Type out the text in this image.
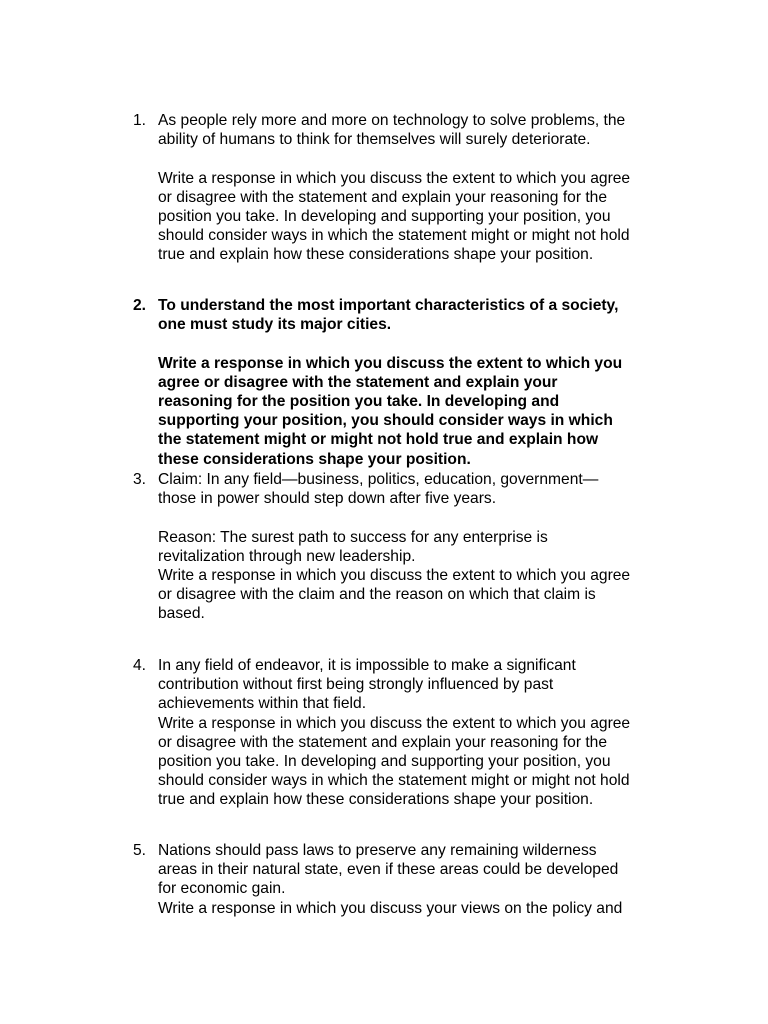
1. As people rely more and more on technology to solve problems, the
ability of humans to think for themselves will surely deteriorate.
Write a response in which you discuss the extent to which you agree
or disagree with the statement and explain your reasoning for the
position you take. In developing and supporting your position, you
should consider ways in which the statement might or might not hold
true and explain how these considerations shape your position.
2. To understand the most important characteristics of a society,
one must study its major cities.
Write a response in which you discuss the extent to which you
agree or disagree with the statement and explain your
reasoning for the position you take. In developing and
supporting your position, you should consider ways in which
the statement might or might not hold true and explain how
these considerations shape your position.
3. Claim: In any field—business, politics, education, government—
those in power should step down after five years.
Reason: The surest path to success for any enterprise is
revitalization through new leadership.
Write a response in which you discuss the extent to which you agree
or disagree with the claim and the reason on which that claim is
based.
4. In any field of endeavor, it is impossible to make a significant
contribution without first being strongly influenced by past
achievements within that field.
Write a response in which you discuss the extent to which you agree
or disagree with the statement and explain your reasoning for the
position you take. In developing and supporting your position, you
should consider ways in which the statement might or might not hold
true and explain how these considerations shape your position.
5. Nations should pass laws to preserve any remaining wilderness
areas in their natural state, even if these areas could be developed
for economic gain.
Write a response in which you discuss your views on the policy and
